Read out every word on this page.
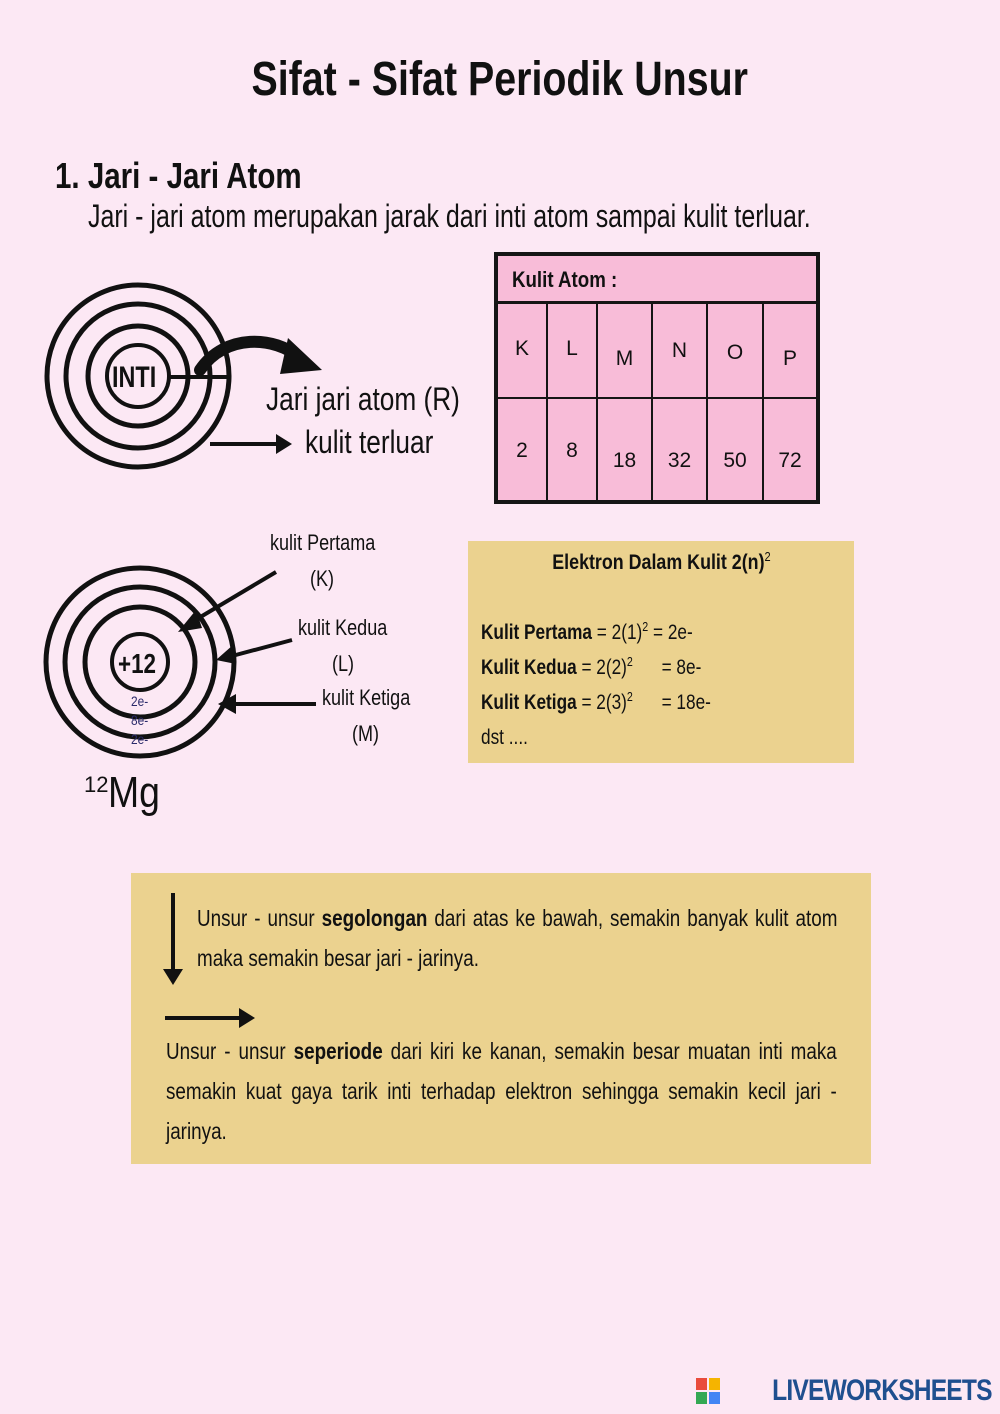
Sifat - Sifat Periodik Unsur
1. Jari - Jari Atom
Jari - jari atom merupakan jarak dari inti atom sampai kulit terluar.
INTI
Jari jari atom (R)
kulit terluar
Kulit Atom :
K	L	M	N	O	P
2	8	18	32	50	72
+12
2e-
8e-
2e-
12Mg
kulit Pertama
(K)
kulit Kedua
(L)
kulit Ketiga
(M)
Elektron Dalam Kulit $2(n)^2$
Kulit Pertama = $2(1)^2 = 2e-$
Kulit Kedua = $2(2)^2$      = 8e-
Kulit Ketiga = $2(3)^2$      = 18e-
dst ....
Unsur - unsur segolongan dari atas ke bawah, semakin banyak kulit atom maka semakin besar jari - jarinya.
Unsur - unsur seperiode dari kiri ke kanan, semakin besar muatan inti maka semakin kuat gaya tarik inti terhadap elektron sehingga semakin kecil jari - jarinya.
LIVEWORKSHEETS
